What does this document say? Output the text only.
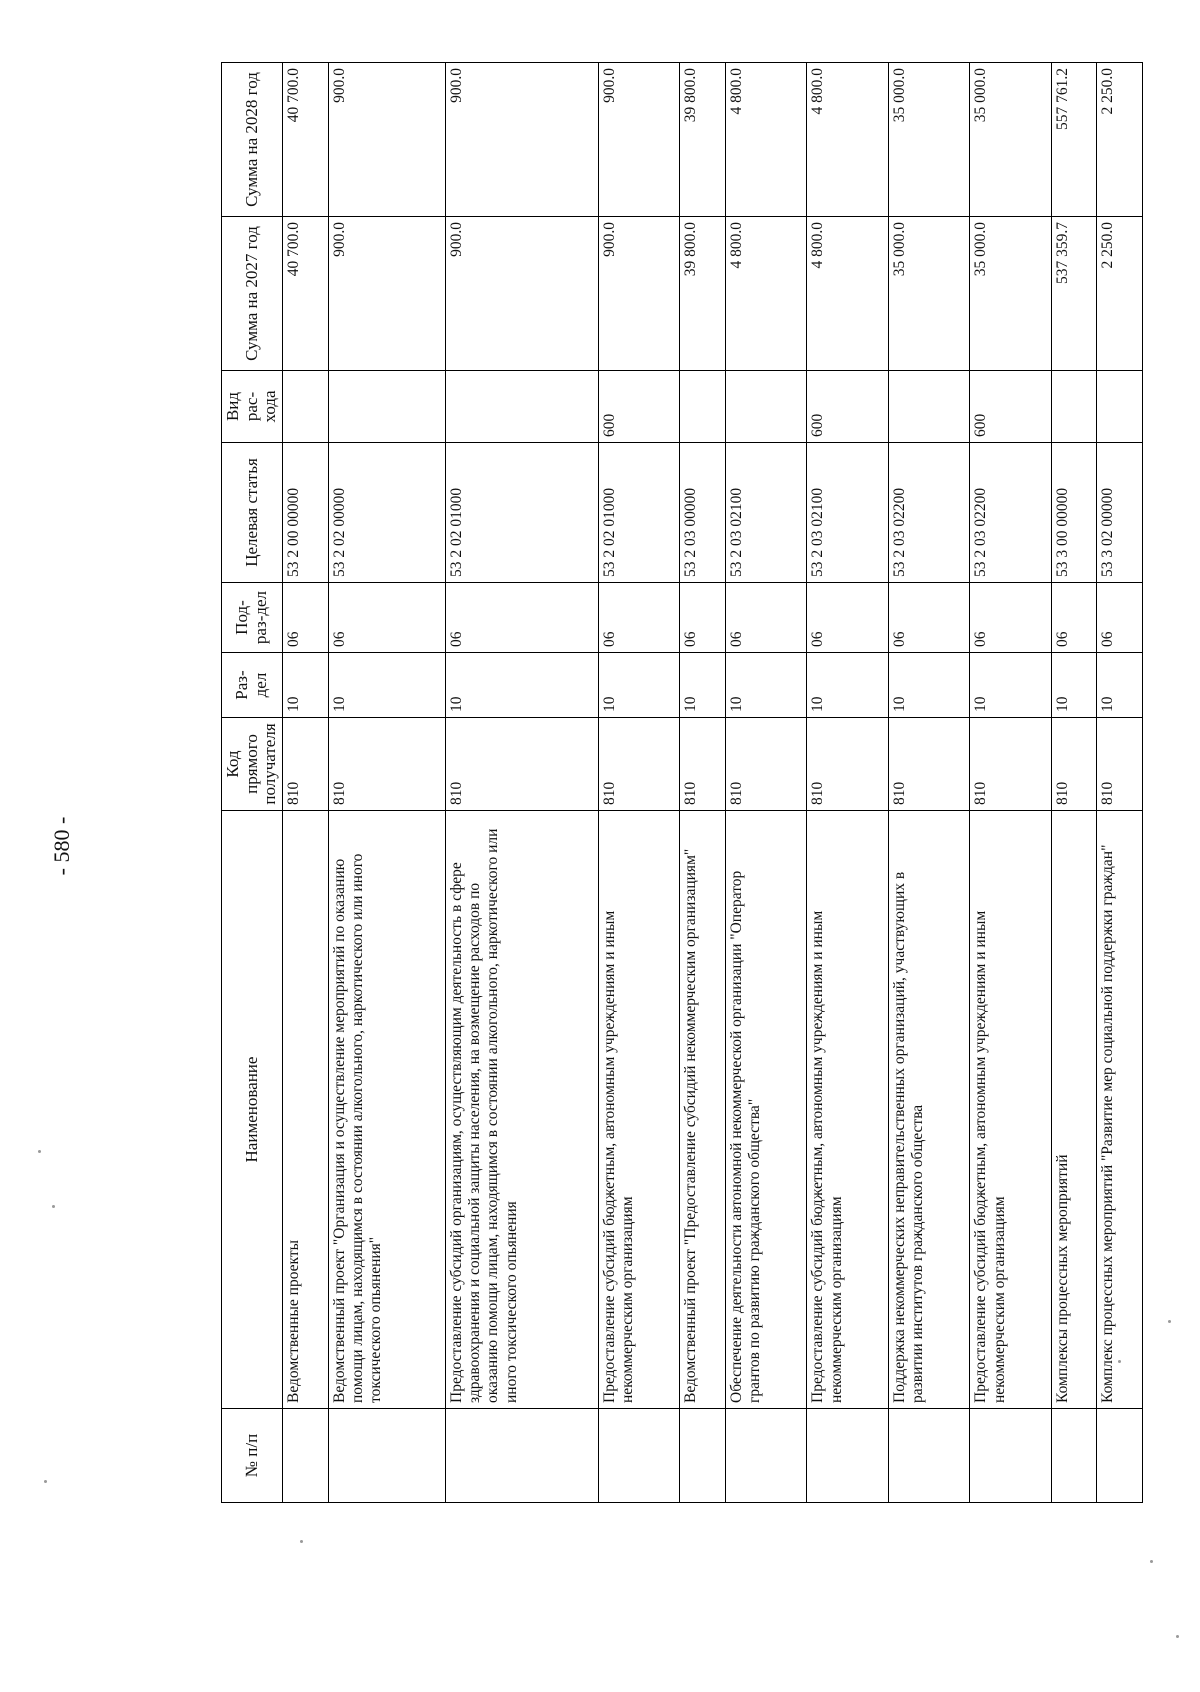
- 580 -
№ п/п	Наименование	Код прямого получателя	Раз-дел	Под-раз-дел	Целевая статья	Вид рас-хода	Сумма на 2027 год	Сумма на 2028 год
	Ведомственные проекты	810	10	06	53 2 00 00000		40 700.0	40 700.0
	Ведомственный проект "Организация и осуществление мероприятий по оказанию помощи лицам, находящимся в состоянии алкогольного, наркотического или иного токсического опьянения"	810	10	06	53 2 02 00000		900.0	900.0
	Предоставление субсидий организациям, осуществляющим деятельность в сфере здравоохранения и социальной защиты населения, на возмещение расходов по оказанию помощи лицам, находящимся в состоянии алкогольного, наркотического или иного токсического опьянения	810	10	06	53 2 02 01000		900.0	900.0
	Предоставление субсидий бюджетным, автономным учреждениям и иным некоммерческим организациям	810	10	06	53 2 02 01000	600	900.0	900.0
	Ведомственный проект "Предоставление субсидий некоммерческим организациям"	810	10	06	53 2 03 00000		39 800.0	39 800.0
	Обеспечение деятельности автономной некоммерческой организации "Оператор грантов по развитию гражданского общества"	810	10	06	53 2 03 02100		4 800.0	4 800.0
	Предоставление субсидий бюджетным, автономным учреждениям и иным некоммерческим организациям	810	10	06	53 2 03 02100	600	4 800.0	4 800.0
	Поддержка некоммерческих неправительственных организаций, участвующих в развитии институтов гражданского общества	810	10	06	53 2 03 02200		35 000.0	35 000.0
	Предоставление субсидий бюджетным, автономным учреждениям и иным некоммерческим организациям	810	10	06	53 2 03 02200	600	35 000.0	35 000.0
	Комплексы процессных мероприятий	810	10	06	53 3 00 00000		537 359.7	557 761.2
	Комплекс процессных мероприятий "Развитие мер социальной поддержки граждан"	810	10	06	53 3 02 00000		2 250.0	2 250.0
